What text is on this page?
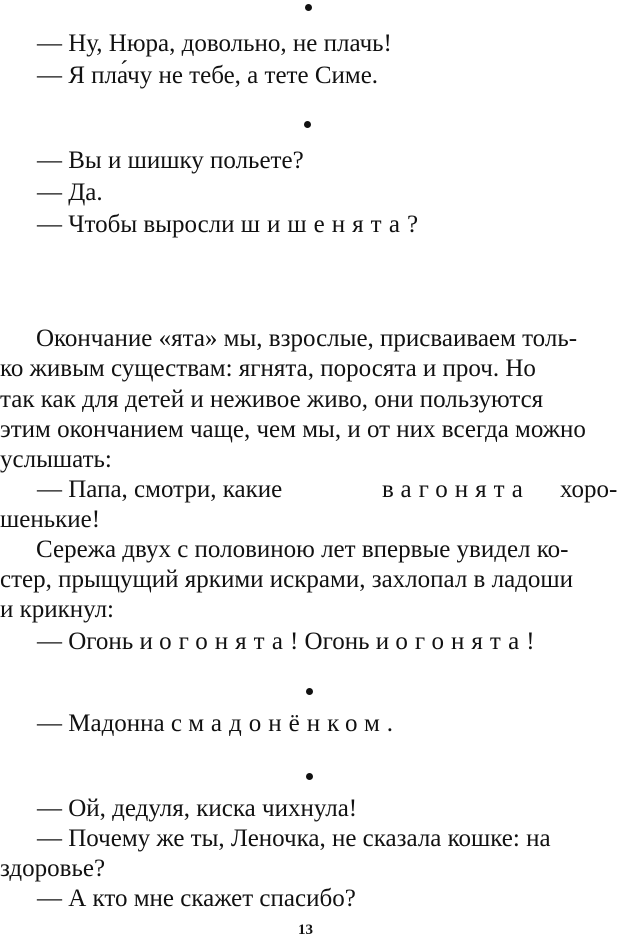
— Ну, Нюра, довольно, не плачь!
— Я пла́чу не тебе, а тете Симе.
— Вы и шишку польете?
— Да.
— Чтобы выросли шишенята?
Окончание «ята» мы, взрослые, присваиваем толь-
ко живым существам: ягнята, поросята и проч. Но
так как для детей и неживое живо, они пользуются
этим окончанием чаще, чем мы, и от них всегда можно
услышать:
— Папа, смотри, какие	вагонята хоро-
шенькие!
Сережа двух с половиною лет впервые увидел ко-
стер, прыщущий яркими искрами, захлопал в ладоши
и крикнул:
— Огонь и огонята! Огонь и огонята!
— Мадонна с мадонёнком.
— Ой, дедуля, киска чихнула!
— Почему же ты, Леночка, не сказала кошке: на
здоровье?
— А кто мне скажет спасибо?
13
